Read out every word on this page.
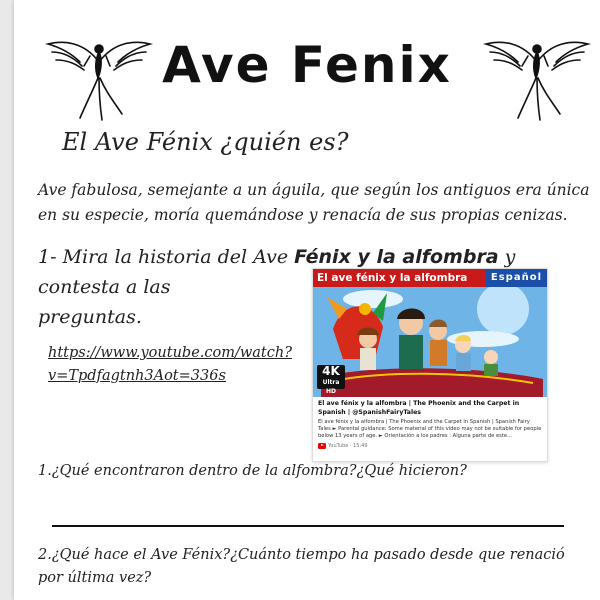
Ave Fenix
El Ave Fénix ¿quién es?
Ave fabulosa, semejante a un águila, que según los antiguos era única en su especie, moría quemándose y renacía de sus propias cenizas.
1- Mira la historia del Ave Fénix y la alfombra y contesta a las
preguntas.
https://www.youtube.com/watch?v=Tpdfagtnh3Aot=336s
El ave fénix y la alfombra	Español
4K
Ultra HD
El ave fénix y la alfombra | The Phoenix and the Carpet in Spanish | @SpanishFairyTales
El ave fénix y la alfombra | The Phoenix and the Carpet in Spanish | Spanish Fairy Tales ► Parental guidance: Some material of this video may not be suitable for people below 13 years of age. ► Orientación a los padres : Alguna parte de este...
YouTube · 15:49
1.¿Qué encontraron dentro de la alfombra?¿Qué hicieron?
2.¿Qué hace el Ave Fénix?¿Cuánto tiempo ha pasado desde que renació por última vez?
